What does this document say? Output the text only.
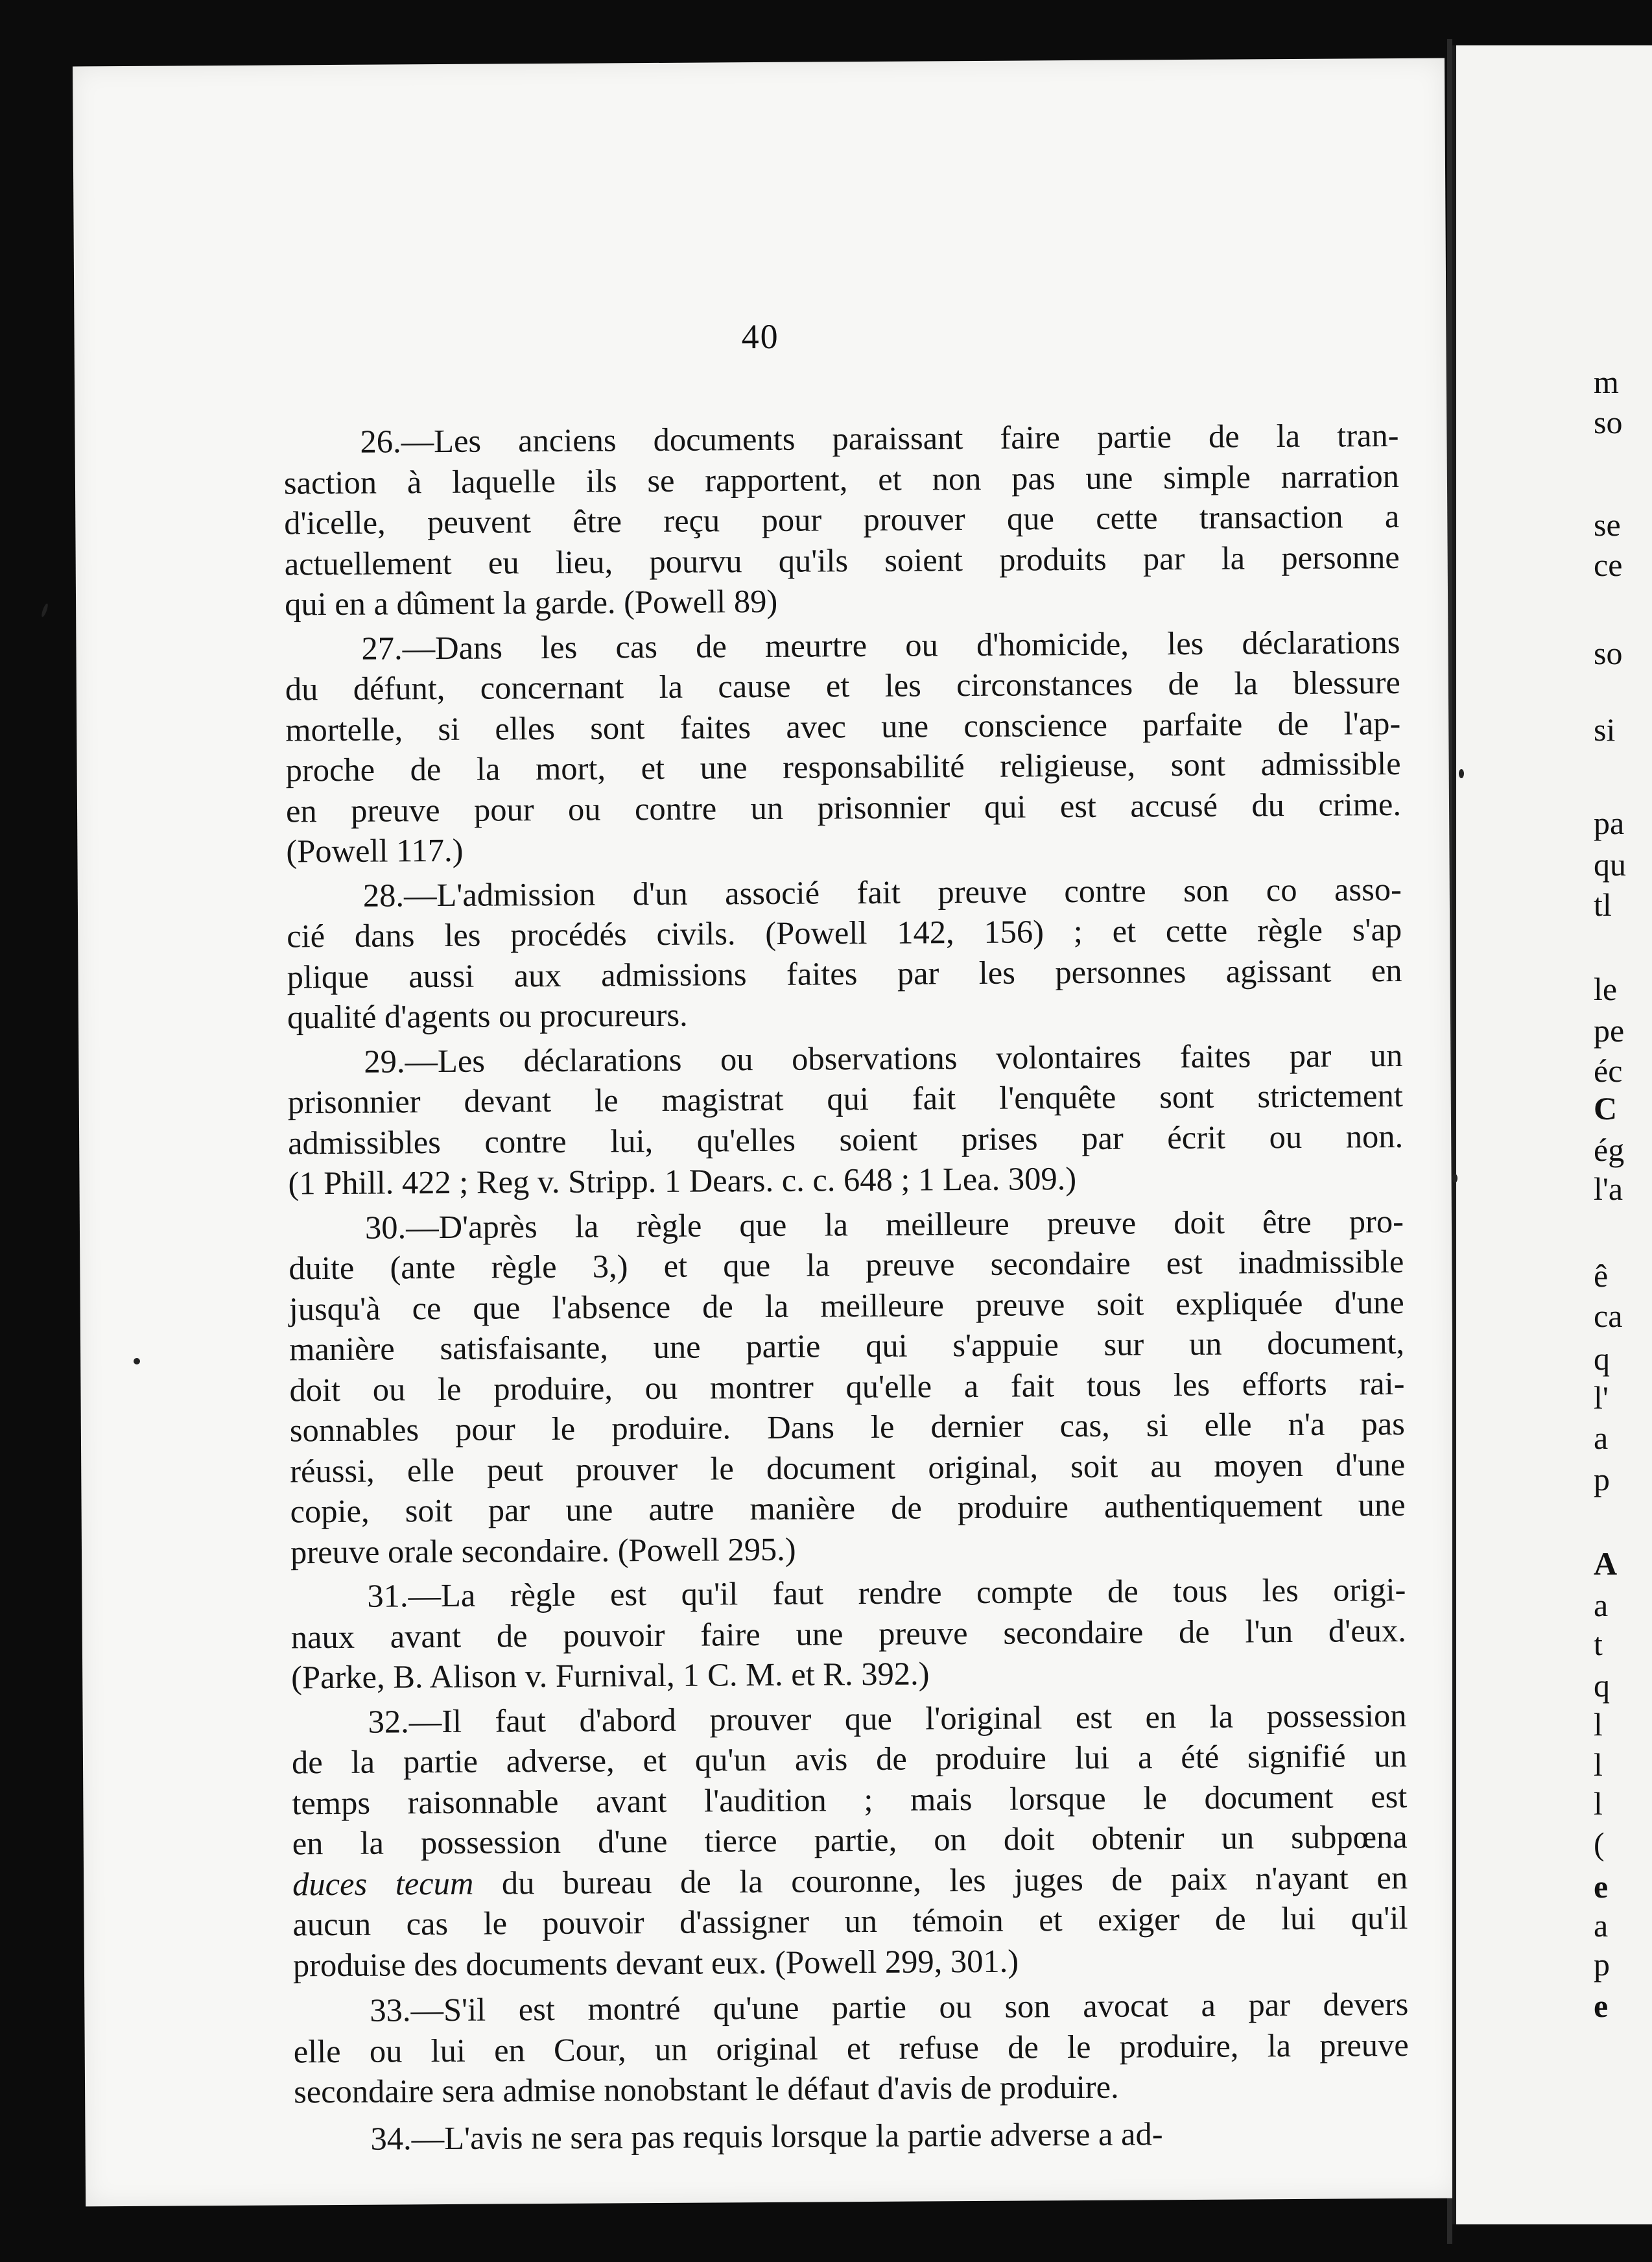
40
26.—Les anciens documents paraissant faire partie de la tran-
saction à laquelle ils se rapportent, et non pas une simple narration
d'icelle, peuvent être reçu pour prouver que cette transaction a
actuellement eu lieu, pourvu qu'ils soient produits par la personne
qui en a dûment la garde. (Powell 89)
27.—Dans les cas de meurtre ou d'homicide, les déclarations
du défunt, concernant la cause et les circonstances de la blessure
mortelle, si elles sont faites avec une conscience parfaite de l'ap-
proche de la mort, et une responsabilité religieuse, sont admissible
en preuve pour ou contre un prisonnier qui est accusé du crime.
(Powell 117.)
28.—L'admission d'un associé fait preuve contre son co asso-
cié dans les procédés civils. (Powell 142, 156) ; et cette règle s'ap
plique aussi aux admissions faites par les personnes agissant en
qualité d'agents ou procureurs.
29.—Les déclarations ou observations volontaires faites par un
prisonnier devant le magistrat qui fait l'enquête sont strictement
admissibles contre lui, qu'elles soient prises par écrit ou non.
(1 Phill. 422 ; Reg v. Stripp. 1 Dears. c. c. 648 ; 1 Lea. 309.)
30.—D'après la règle que la meilleure preuve doit être pro-
duite (ante règle 3,) et que la preuve secondaire est inadmissible
jusqu'à ce que l'absence de la meilleure preuve soit expliquée d'une
manière satisfaisante, une partie qui s'appuie sur un document,
doit ou le produire, ou montrer qu'elle a fait tous les efforts rai-
sonnables pour le produire. Dans le dernier cas, si elle n'a pas
réussi, elle peut prouver le document original, soit au moyen d'une
copie, soit par une autre manière de produire authentiquement une
preuve orale secondaire. (Powell 295.)
31.—La règle est qu'il faut rendre compte de tous les origi-
naux avant de pouvoir faire une preuve secondaire de l'un d'eux.
(Parke, B. Alison v. Furnival, 1 C. M. et R. 392.)
32.—Il faut d'abord prouver que l'original est en la possession
de la partie adverse, et qu'un avis de produire lui a été signifié un
temps raisonnable avant l'audition ; mais lorsque le document est
en la possession d'une tierce partie, on doit obtenir un subpœna
duces tecum du bureau de la couronne, les juges de paix n'ayant en
aucun cas le pouvoir d'assigner un témoin et exiger de lui qu'il
produise des documents devant eux. (Powell 299, 301.)
33.—S'il est montré qu'une partie ou son avocat a par devers
elle ou lui en Cour, un original et refuse de le produire, la preuve
secondaire sera admise nonobstant le défaut d'avis de produire.
34.—L'avis ne sera pas requis lorsque la partie adverse a ad-
m
so
se
ce
so
si
pa
qu
tl
le
pe
éc
C
ég
l'a
ê
ca
q
l'
a
p
A
a
t
q
l
l
l
(
e
a
p
e
